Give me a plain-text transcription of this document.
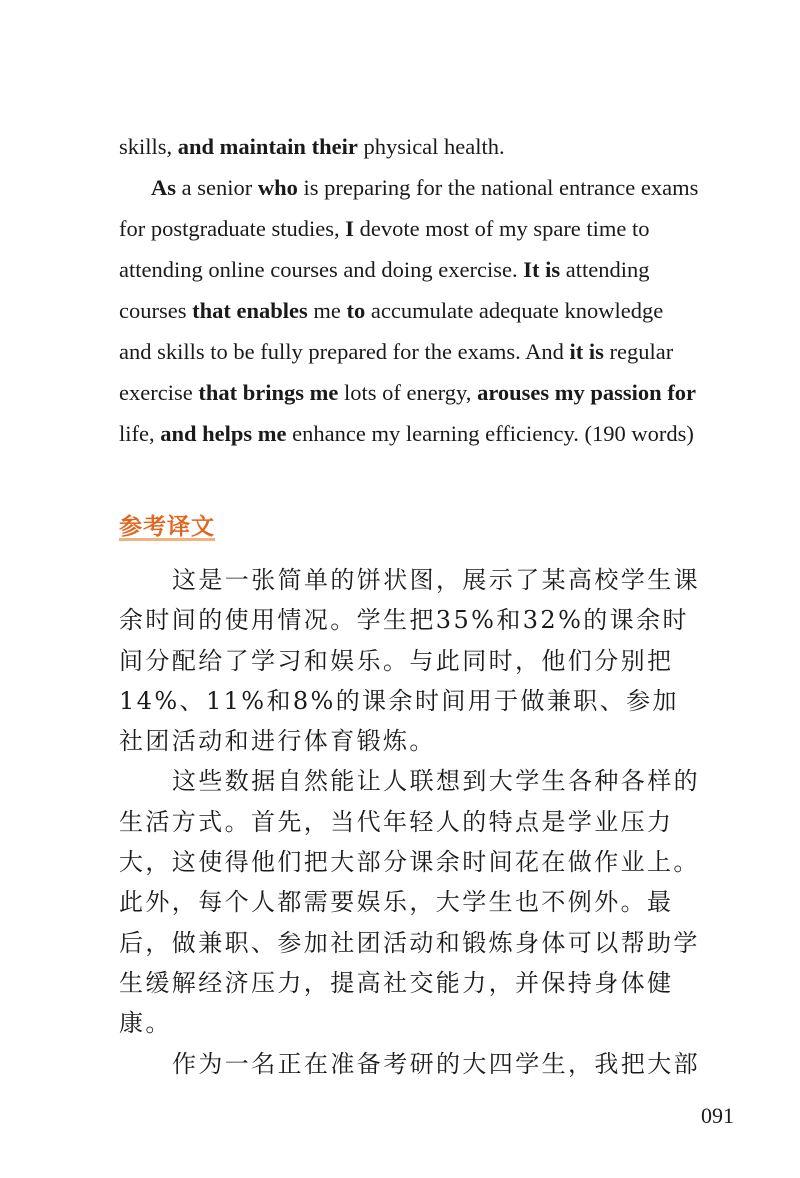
skills, and maintain their physical health.

As a senior who is preparing for the national entrance exams for postgraduate studies, I devote most of my spare time to attending online courses and doing exercise. It is attending courses that enables me to accumulate adequate knowledge and skills to be fully prepared for the exams. And it is regular exercise that brings me lots of energy, arouses my passion for life, and helps me enhance my learning efficiency. (190 words)

参考译文

这是一张简单的饼状图，展示了某高校学生课余时间的使用情况。学生把35%和32%的课余时间分配给了学习和娱乐。与此同时，他们分别把14%、11%和8%的课余时间用于做兼职、参加社团活动和进行体育锻炼。

这些数据自然能让人联想到大学生各种各样的生活方式。首先，当代年轻人的特点是学业压力大，这使得他们把大部分课余时间花在做作业上。此外，每个人都需要娱乐，大学生也不例外。最后，做兼职、参加社团活动和锻炼身体可以帮助学生缓解经济压力，提高社交能力，并保持身体健康。

作为一名正在准备考研的大四学生，我把大部

091
